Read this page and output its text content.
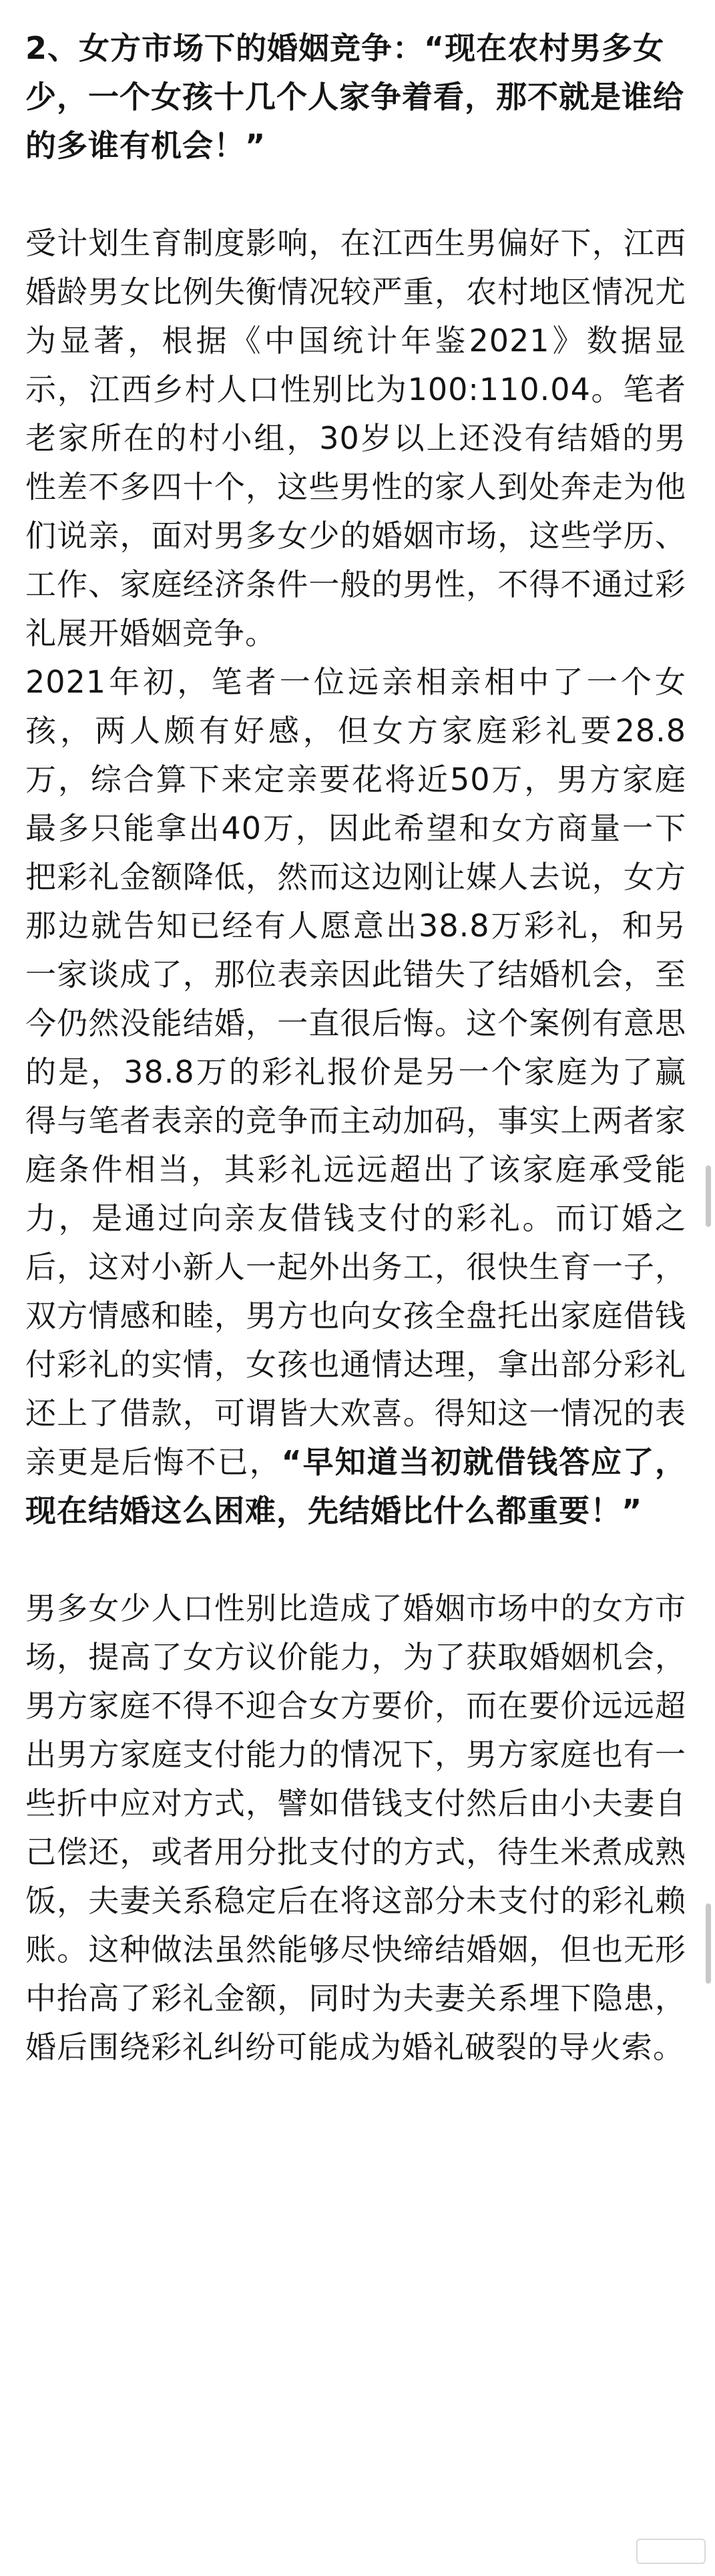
2、女方市场下的婚姻竞争：“现在农村男多女少，一个女孩十几个人家争着看，那不就是谁给的多谁有机会！”

受计划生育制度影响，在江西生男偏好下，江西婚龄男女比例失衡情况较严重，农村地区情况尤为显著，根据《中国统计年鉴2021》数据显示，江西乡村人口性别比为100:110.04。笔者老家所在的村小组，30岁以上还没有结婚的男性差不多四十个，这些男性的家人到处奔走为他们说亲，面对男多女少的婚姻市场，这些学历、工作、家庭经济条件一般的男性，不得不通过彩礼展开婚姻竞争。

2021年初，笔者一位远亲相亲相中了一个女孩，两人颇有好感，但女方家庭彩礼要28.8万，综合算下来定亲要花将近50万，男方家庭最多只能拿出40万，因此希望和女方商量一下把彩礼金额降低，然而这边刚让媒人去说，女方那边就告知已经有人愿意出38.8万彩礼，和另一家谈成了，那位表亲因此错失了结婚机会，至今仍然没能结婚，一直很后悔。这个案例有意思的是，38.8万的彩礼报价是另一个家庭为了赢得与笔者表亲的竞争而主动加码，事实上两者家庭条件相当，其彩礼远远超出了该家庭承受能力，是通过向亲友借钱支付的彩礼。而订婚之后，这对小新人一起外出务工，很快生育一子，双方情感和睦，男方也向女孩全盘托出家庭借钱付彩礼的实情，女孩也通情达理，拿出部分彩礼还上了借款，可谓皆大欢喜。得知这一情况的表亲更是后悔不已，“早知道当初就借钱答应了，现在结婚这么困难，先结婚比什么都重要！”

男多女少人口性别比造成了婚姻市场中的女方市场，提高了女方议价能力，为了获取婚姻机会，男方家庭不得不迎合女方要价，而在要价远远超出男方家庭支付能力的情况下，男方家庭也有一些折中应对方式，譬如借钱支付然后由小夫妻自己偿还，或者用分批支付的方式，待生米煮成熟饭，夫妻关系稳定后在将这部分未支付的彩礼赖账。这种做法虽然能够尽快缔结婚姻，但也无形中抬高了彩礼金额，同时为夫妻关系埋下隐患，婚后围绕彩礼纠纷可能成为婚礼破裂的导火索。
